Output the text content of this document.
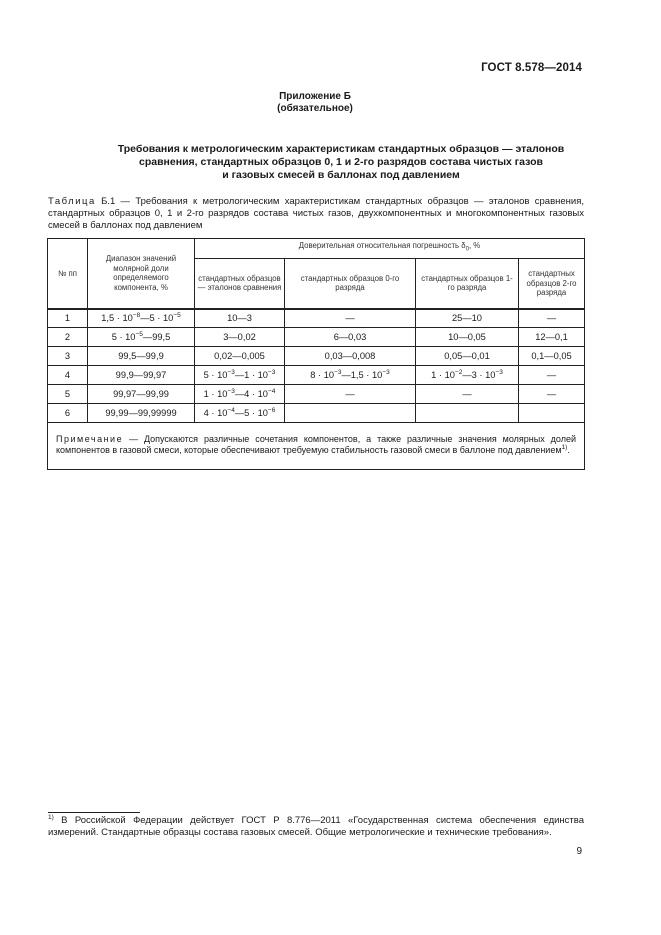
ГОСТ 8.578—2014
Приложение Б
(обязательное)
Требования к метрологическим характеристикам стандартных образцов — эталонов
сравнения, стандартных образцов 0, 1 и 2-го разрядов состава чистых газов
и газовых смесей в баллонах под давлением
Таблица Б.1 — Требования к метрологическим характеристикам стандартных образцов — эталонов сравнения, стандартных образцов 0, 1 и 2-го разрядов состава чистых газов, двухкомпонентных и многокомпонентных газовых смесей в баллонах под давлением
№ пп	Диапазон значений молярной доли определяемого компонента, %	Доверительная относительная погрешность $\delta_0$, %			
		стандартных образцов — эталонов сравнения	стандартных образцов 0-го разряда	стандартных образцов 1-го разряда	стандартных образцов 2-го разряда
1	$1,5 \cdot 10^{-8}—5 \cdot 10^{-5}$	10—3	—	25—10	—
2	$5 \cdot 10^{-5}—99,5$	3—0,02	6—0,03	10—0,05	12—0,1
3	99,5—99,9	0,02—0,005	0,03—0,008	0,05—0,01	0,1—0,05
4	99,9—99,97	$5 \cdot 10^{-3}—1 \cdot 10^{-3}$	$8 \cdot 10^{-3}—1,5 \cdot 10^{-3}$	$1 \cdot 10^{-2}—3 \cdot 10^{-3}$	—
5	99,97—99,99	$1 \cdot 10^{-3}—4 \cdot 10^{-4}$	—	—	—
6	99,99—99,99999	$4 \cdot 10^{-4}—5 \cdot 10^{-6}$			
Примечание — Допускаются различные сочетания компонентов, а также различные значения молярных долей компонентов в газовой смеси, которые обеспечивают требуемую стабильность газовой смеси в баллоне под давлением$^{1)}$.					
$^{1)}$ В Российской Федерации действует ГОСТ Р 8.776—2011 «Государственная система обеспечения единства измерений. Стандартные образцы состава газовых смесей. Общие метрологические и технические требования».
9
